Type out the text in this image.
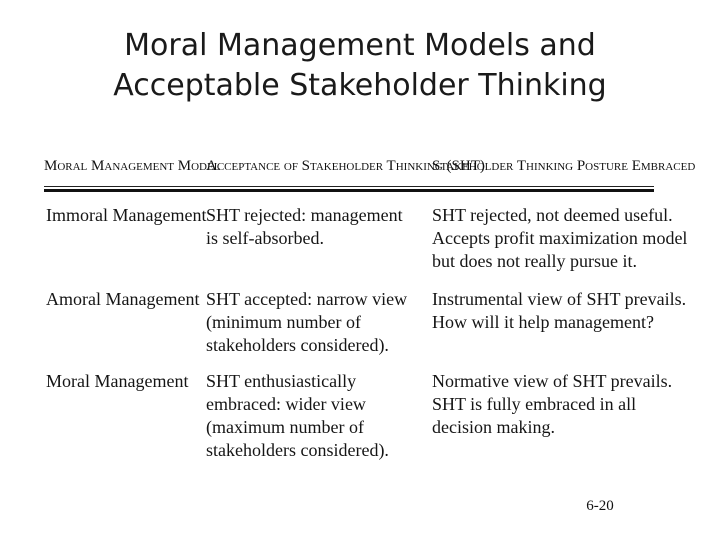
Moral Management Models and
Acceptable Stakeholder Thinking
Moral Management Model
Acceptance of Stakeholder Thinking (SHT)
Stakeholder Thinking Posture Embraced
Immoral Management SHT rejected: management
is self-absorbed.
SHT rejected, not deemed useful.
Accepts profit maximization model
but does not really pursue it.
Amoral Management SHT accepted: narrow view
(minimum number of
stakeholders considered).
Instrumental view of SHT prevails.
How will it help management?
Moral Management SHT enthusiastically
embraced: wider view
(maximum number of
stakeholders considered).
Normative view of SHT prevails.
SHT is fully embraced in all
decision making.
6-20
